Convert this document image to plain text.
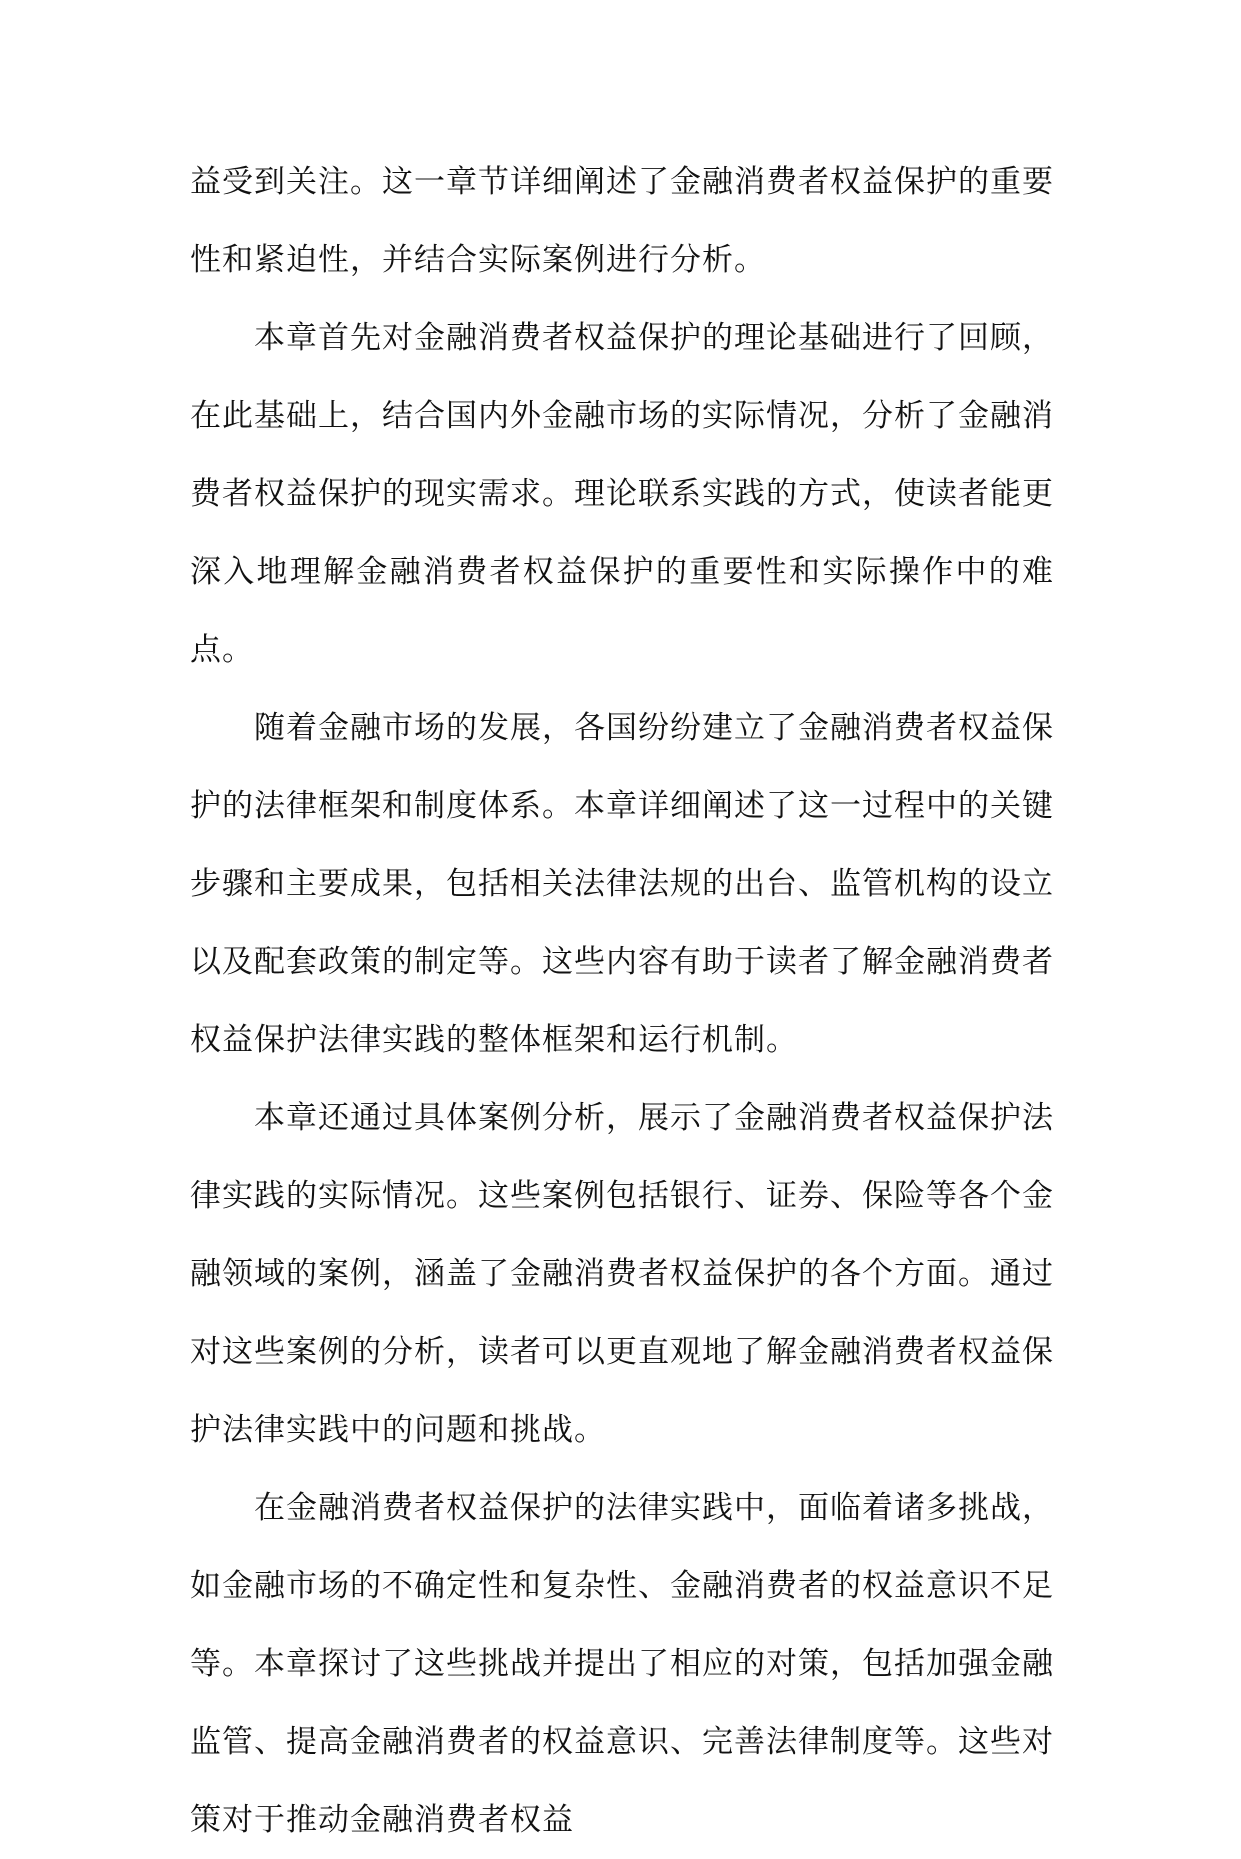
益受到关注。这一章节详细阐述了金融消费者权益保护的重要性和紧迫性，并结合实际案例进行分析。

本章首先对金融消费者权益保护的理论基础进行了回顾，在此基础上，结合国内外金融市场的实际情况，分析了金融消费者权益保护的现实需求。理论联系实践的方式，使读者能更深入地理解金融消费者权益保护的重要性和实际操作中的难点。

随着金融市场的发展，各国纷纷建立了金融消费者权益保护的法律框架和制度体系。本章详细阐述了这一过程中的关键步骤和主要成果，包括相关法律法规的出台、监管机构的设立以及配套政策的制定等。这些内容有助于读者了解金融消费者权益保护法律实践的整体框架和运行机制。

本章还通过具体案例分析，展示了金融消费者权益保护法律实践的实际情况。这些案例包括银行、证券、保险等各个金融领域的案例，涵盖了金融消费者权益保护的各个方面。通过对这些案例的分析，读者可以更直观地了解金融消费者权益保护法律实践中的问题和挑战。

在金融消费者权益保护的法律实践中，面临着诸多挑战，如金融市场的不确定性和复杂性、金融消费者的权益意识不足等。本章探讨了这些挑战并提出了相应的对策，包括加强金融监管、提高金融消费者的权益意识、完善法律制度等。这些对策对于推动金融消费者权益
